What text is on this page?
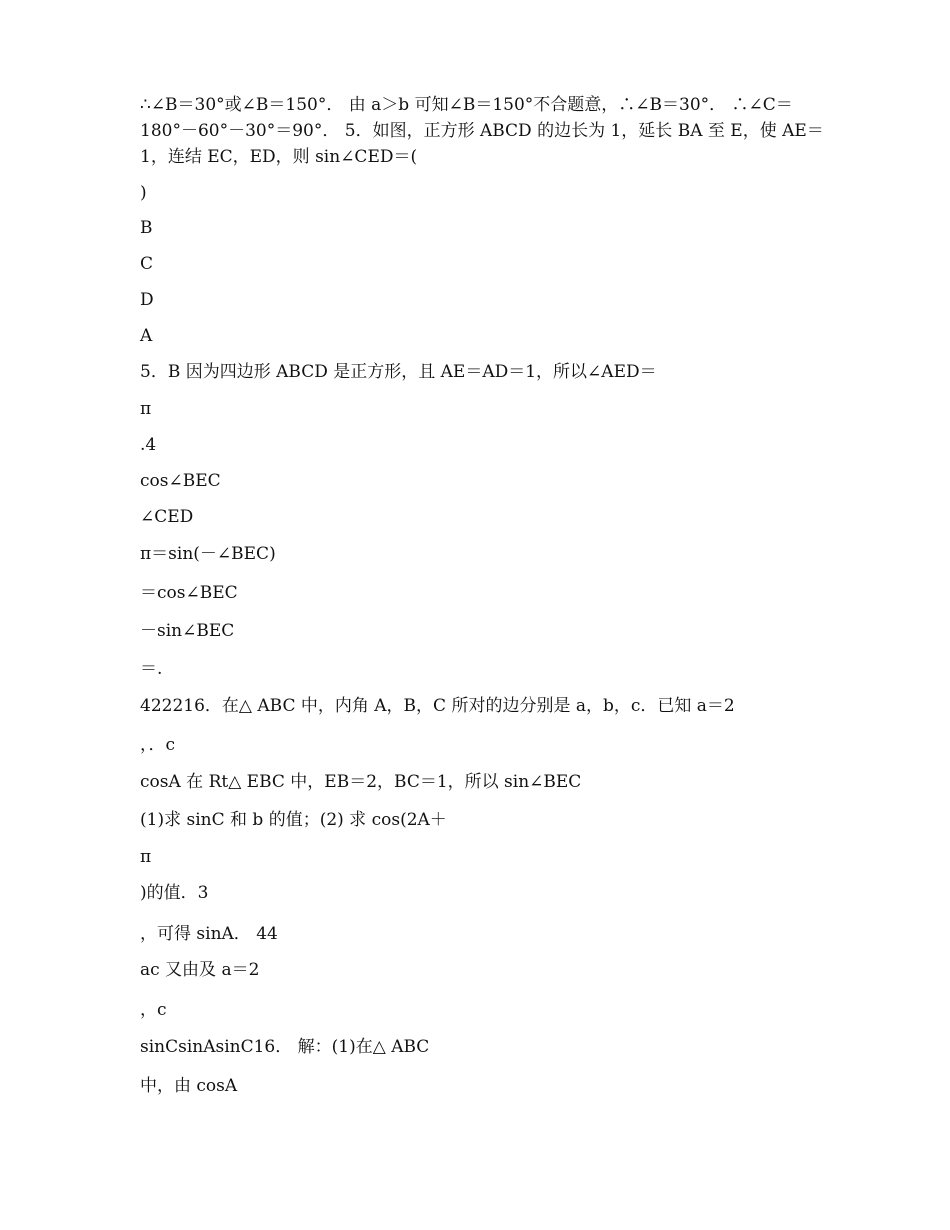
∴∠B＝30°或∠B＝150°． 由 a＞b 可知∠B＝150°不合题意，∴∠B＝30°． ∴∠C＝180°－60°－30°＝90°． 5．如图，正方形 ABCD 的边长为 1，延长 BA 至 E，使 AE＝1，连结 EC，ED，则 sin∠CED＝(

)
B
C
D
A
5．B 因为四边形 ABCD 是正方形，且 AE＝AD＝1，所以∠AED＝
π
.4
cos∠BEC
∠CED
π＝sin(－∠BEC)
＝cos∠BEC
－sin∠BEC
＝.
422216．在△ ABC 中，内角 A，B，C 所对的边分别是 a，b，c．已知 a＝2
，．c
cosA 在 Rt△ EBC 中，EB＝2，BC＝1，所以 sin∠BEC
(1)求 sinC 和 b 的值；(2) 求 cos(2A＋
π
)的值．3
，可得 sinA． 44
ac 又由及 a＝2
，c
sinCsinAsinC16． 解：(1)在△ ABC
中，由 cosA
